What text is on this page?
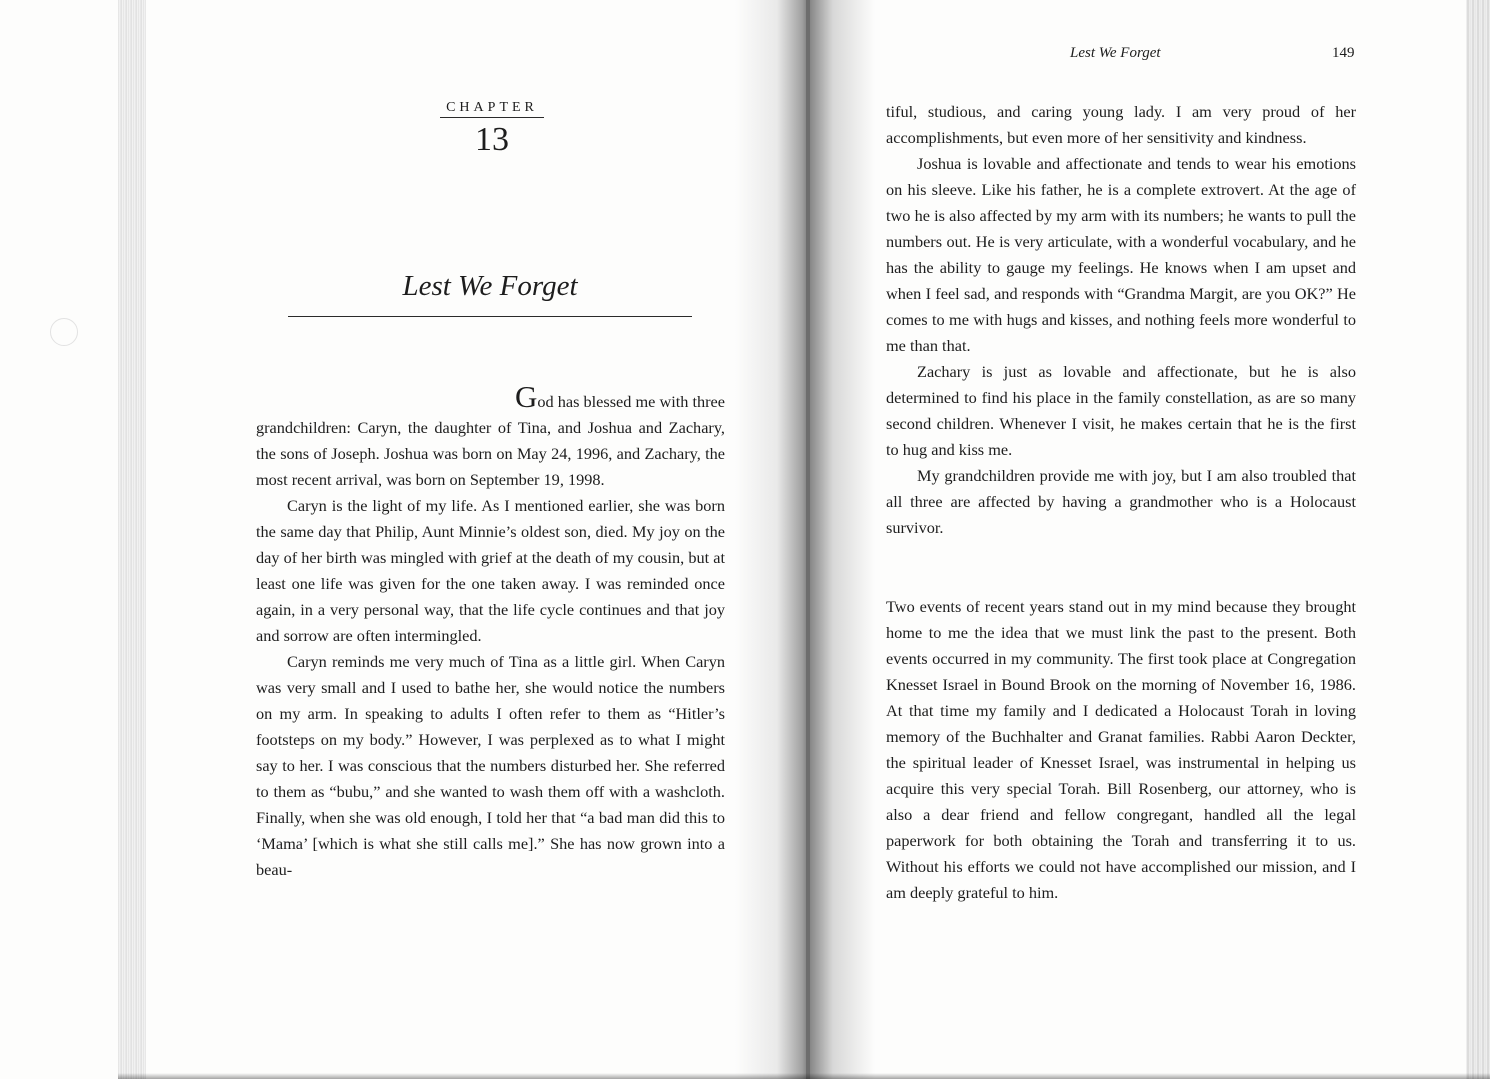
CHAPTER
13
Lest We Forget

God has blessed me with three

grandchildren: Caryn, the daughter of Tina, and Joshua and Zachary, the sons of Joseph. Joshua was born on May 24, 1996, and Zachary, the most recent arrival, was born on September 19, 1998.

Caryn is the light of my life. As I mentioned earlier, she was born the same day that Philip, Aunt Minnie’s oldest son, died. My joy on the day of her birth was mingled with grief at the death of my cousin, but at least one life was given for the one taken away. I was reminded once again, in a very personal way, that the life cycle continues and that joy and sorrow are often intermingled.

Caryn reminds me very much of Tina as a little girl. When Caryn was very small and I used to bathe her, she would notice the numbers on my arm. In speaking to adults I often refer to them as “Hitler’s footsteps on my body.” However, I was perplexed as to what I might say to her. I was conscious that the numbers disturbed her. She referred to them as “bubu,” and she wanted to wash them off with a washcloth. Finally, when she was old enough, I told her that “a bad man did this to ‘Mama’ [which is what she still calls me].” She has now grown into a beau-

Lest We Forget	149

tiful, studious, and caring young lady. I am very proud of her accomplishments, but even more of her sensitivity and kindness.

Joshua is lovable and affectionate and tends to wear his emotions on his sleeve. Like his father, he is a complete extrovert. At the age of two he is also affected by my arm with its numbers; he wants to pull the numbers out. He is very articulate, with a wonderful vocabulary, and he has the ability to gauge my feelings. He knows when I am upset and when I feel sad, and responds with “Grandma Margit, are you OK?” He comes to me with hugs and kisses, and nothing feels more wonderful to me than that.

Zachary is just as lovable and affectionate, but he is also determined to find his place in the family constellation, as are so many second children. Whenever I visit, he makes certain that he is the first to hug and kiss me.

My grandchildren provide me with joy, but I am also troubled that all three are affected by having a grandmother who is a Holocaust survivor.

Two events of recent years stand out in my mind because they brought home to me the idea that we must link the past to the present. Both events occurred in my community. The first took place at Congregation Knesset Israel in Bound Brook on the morning of November 16, 1986. At that time my family and I dedicated a Holocaust Torah in loving memory of the Buchhalter and Granat families. Rabbi Aaron Deckter, the spiritual leader of Knesset Israel, was instrumental in helping us acquire this very special Torah. Bill Rosenberg, our attorney, who is also a dear friend and fellow congregant, handled all the legal paperwork for both obtaining the Torah and transferring it to us. Without his efforts we could not have accomplished our mission, and I am deeply grateful to him.
